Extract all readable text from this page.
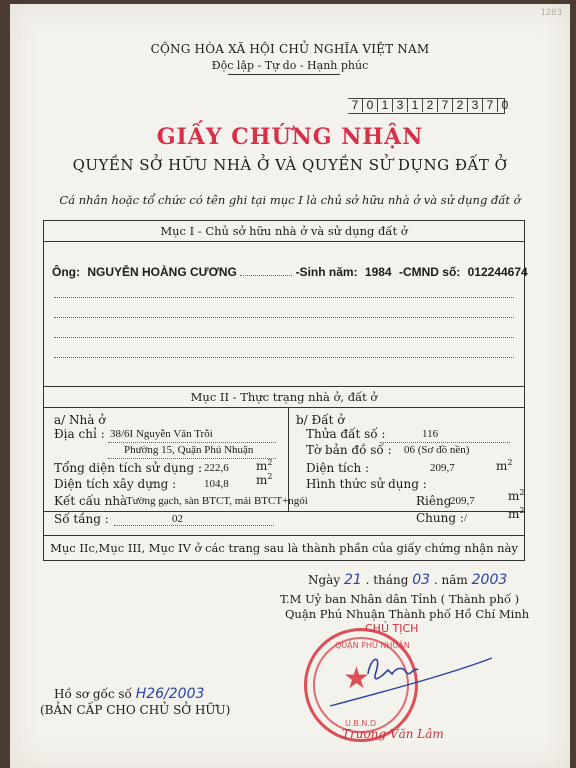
1283
CỘNG HÒA XÃ HỘI CHỦ NGHĨA VIỆT NAM
Độc lập - Tự do - Hạnh phúc
7 0 1 3 1 2 7 2 3 7 0
GIẤY CHỨNG NHẬN
QUYỀN SỞ HỮU NHÀ Ở VÀ QUYỀN SỬ DỤNG ĐẤT Ở
Cá nhân hoặc tổ chức có tên ghi tại mục I là chủ sở hữu nhà ở và sử dụng đất ở
Mục I - Chủ sở hữu nhà ở và sử dụng đất ở
Ông: NGUYỄN HOÀNG CƯƠNG	-Sinh năm: 1984 -CMND số: 012244674
Mục II - Thực trạng nhà ở, đất ở
a/ Nhà ở
Địa chỉ : 38/6I Nguyễn Văn Trỗi
Phường 15, Quận Phú Nhuận
Tổng diện tích sử dụng : 222,6 $m^2$
Diện tích xây dựng :	104,8 $m^2$
Kết cấu nhà
Tường gạch, sàn BTCT, mái BTCT+ngói
Số tầng :	02
b/ Đất ở
Thửa đất số :	116
Tờ bản đồ số : 06 (Sơ đồ nền)
Diện tích :	209,7	$m^2$
Hình thức sử dụng :
Riêng
209,7	$m^2$
Chung : /	$m^2$
Mục IIc,Mục III, Mục IV ở các trang sau là thành phần của giấy chứng nhận này
Ngày 21 . tháng 03 . năm 2003
T.M Uỷ ban Nhân dân Tỉnh ( Thành phố )
Quận Phú Nhuận Thành phố Hồ Chí Minh
CHỦ TỊCH
★
QUẬN PHÚ NHUẬN
U.B.N.D
Trương Văn Lâm
Hồ sơ gốc số H26/2003
(BẢN CẤP CHO CHỦ SỞ HỮU)
